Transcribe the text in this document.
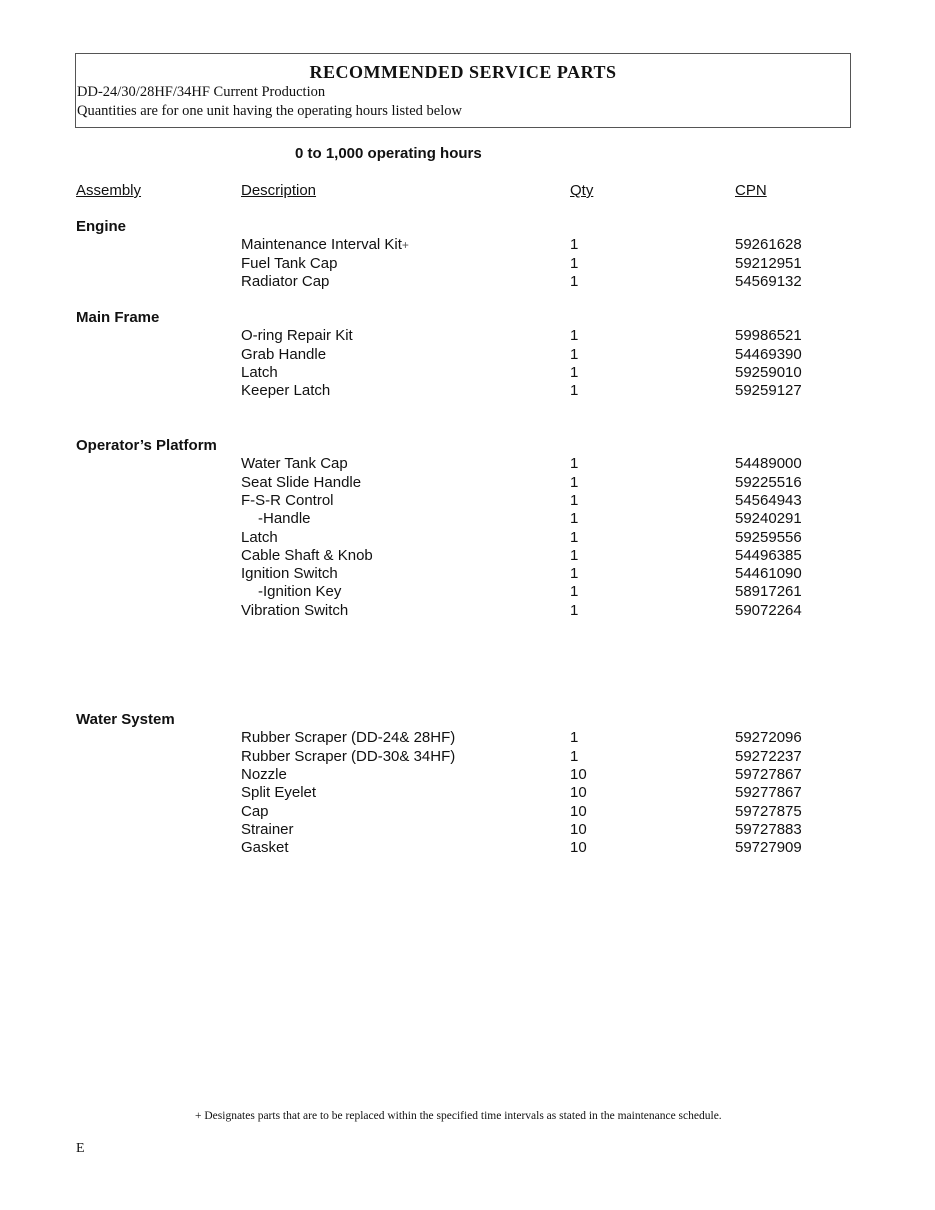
RECOMMENDED SERVICE PARTS
DD-24/30/28HF/34HF Current Production
Quantities are for one unit having the operating hours listed below
0 to 1,000 operating hours
Assembly	Description	Qty	CPN
Engine
Maintenance Interval Kit+	1	59261628
Fuel Tank Cap	1	59212951
Radiator Cap	1	54569132
Main Frame
O-ring Repair Kit	1	59986521
Grab Handle	1	54469390
Latch	1	59259010
Keeper Latch	1	59259127
Operator’s Platform
Water Tank Cap	1	54489000
Seat Slide Handle	1	59225516
F-S-R Control	1	54564943
-Handle	1	59240291
Latch	1	59259556
Cable Shaft & Knob	1	54496385
Ignition Switch	1	54461090
-Ignition Key	1	58917261
Vibration Switch	1	59072264
Water System
Rubber Scraper (DD-24& 28HF)	1	59272096
Rubber Scraper (DD-30& 34HF)	1	59272237
Nozzle	10	59727867
Split Eyelet	10	59277867
Cap	10	59727875
Strainer	10	59727883
Gasket	10	59727909
+ Designates parts that are to be replaced within the specified time intervals as stated in the maintenance schedule.
E
